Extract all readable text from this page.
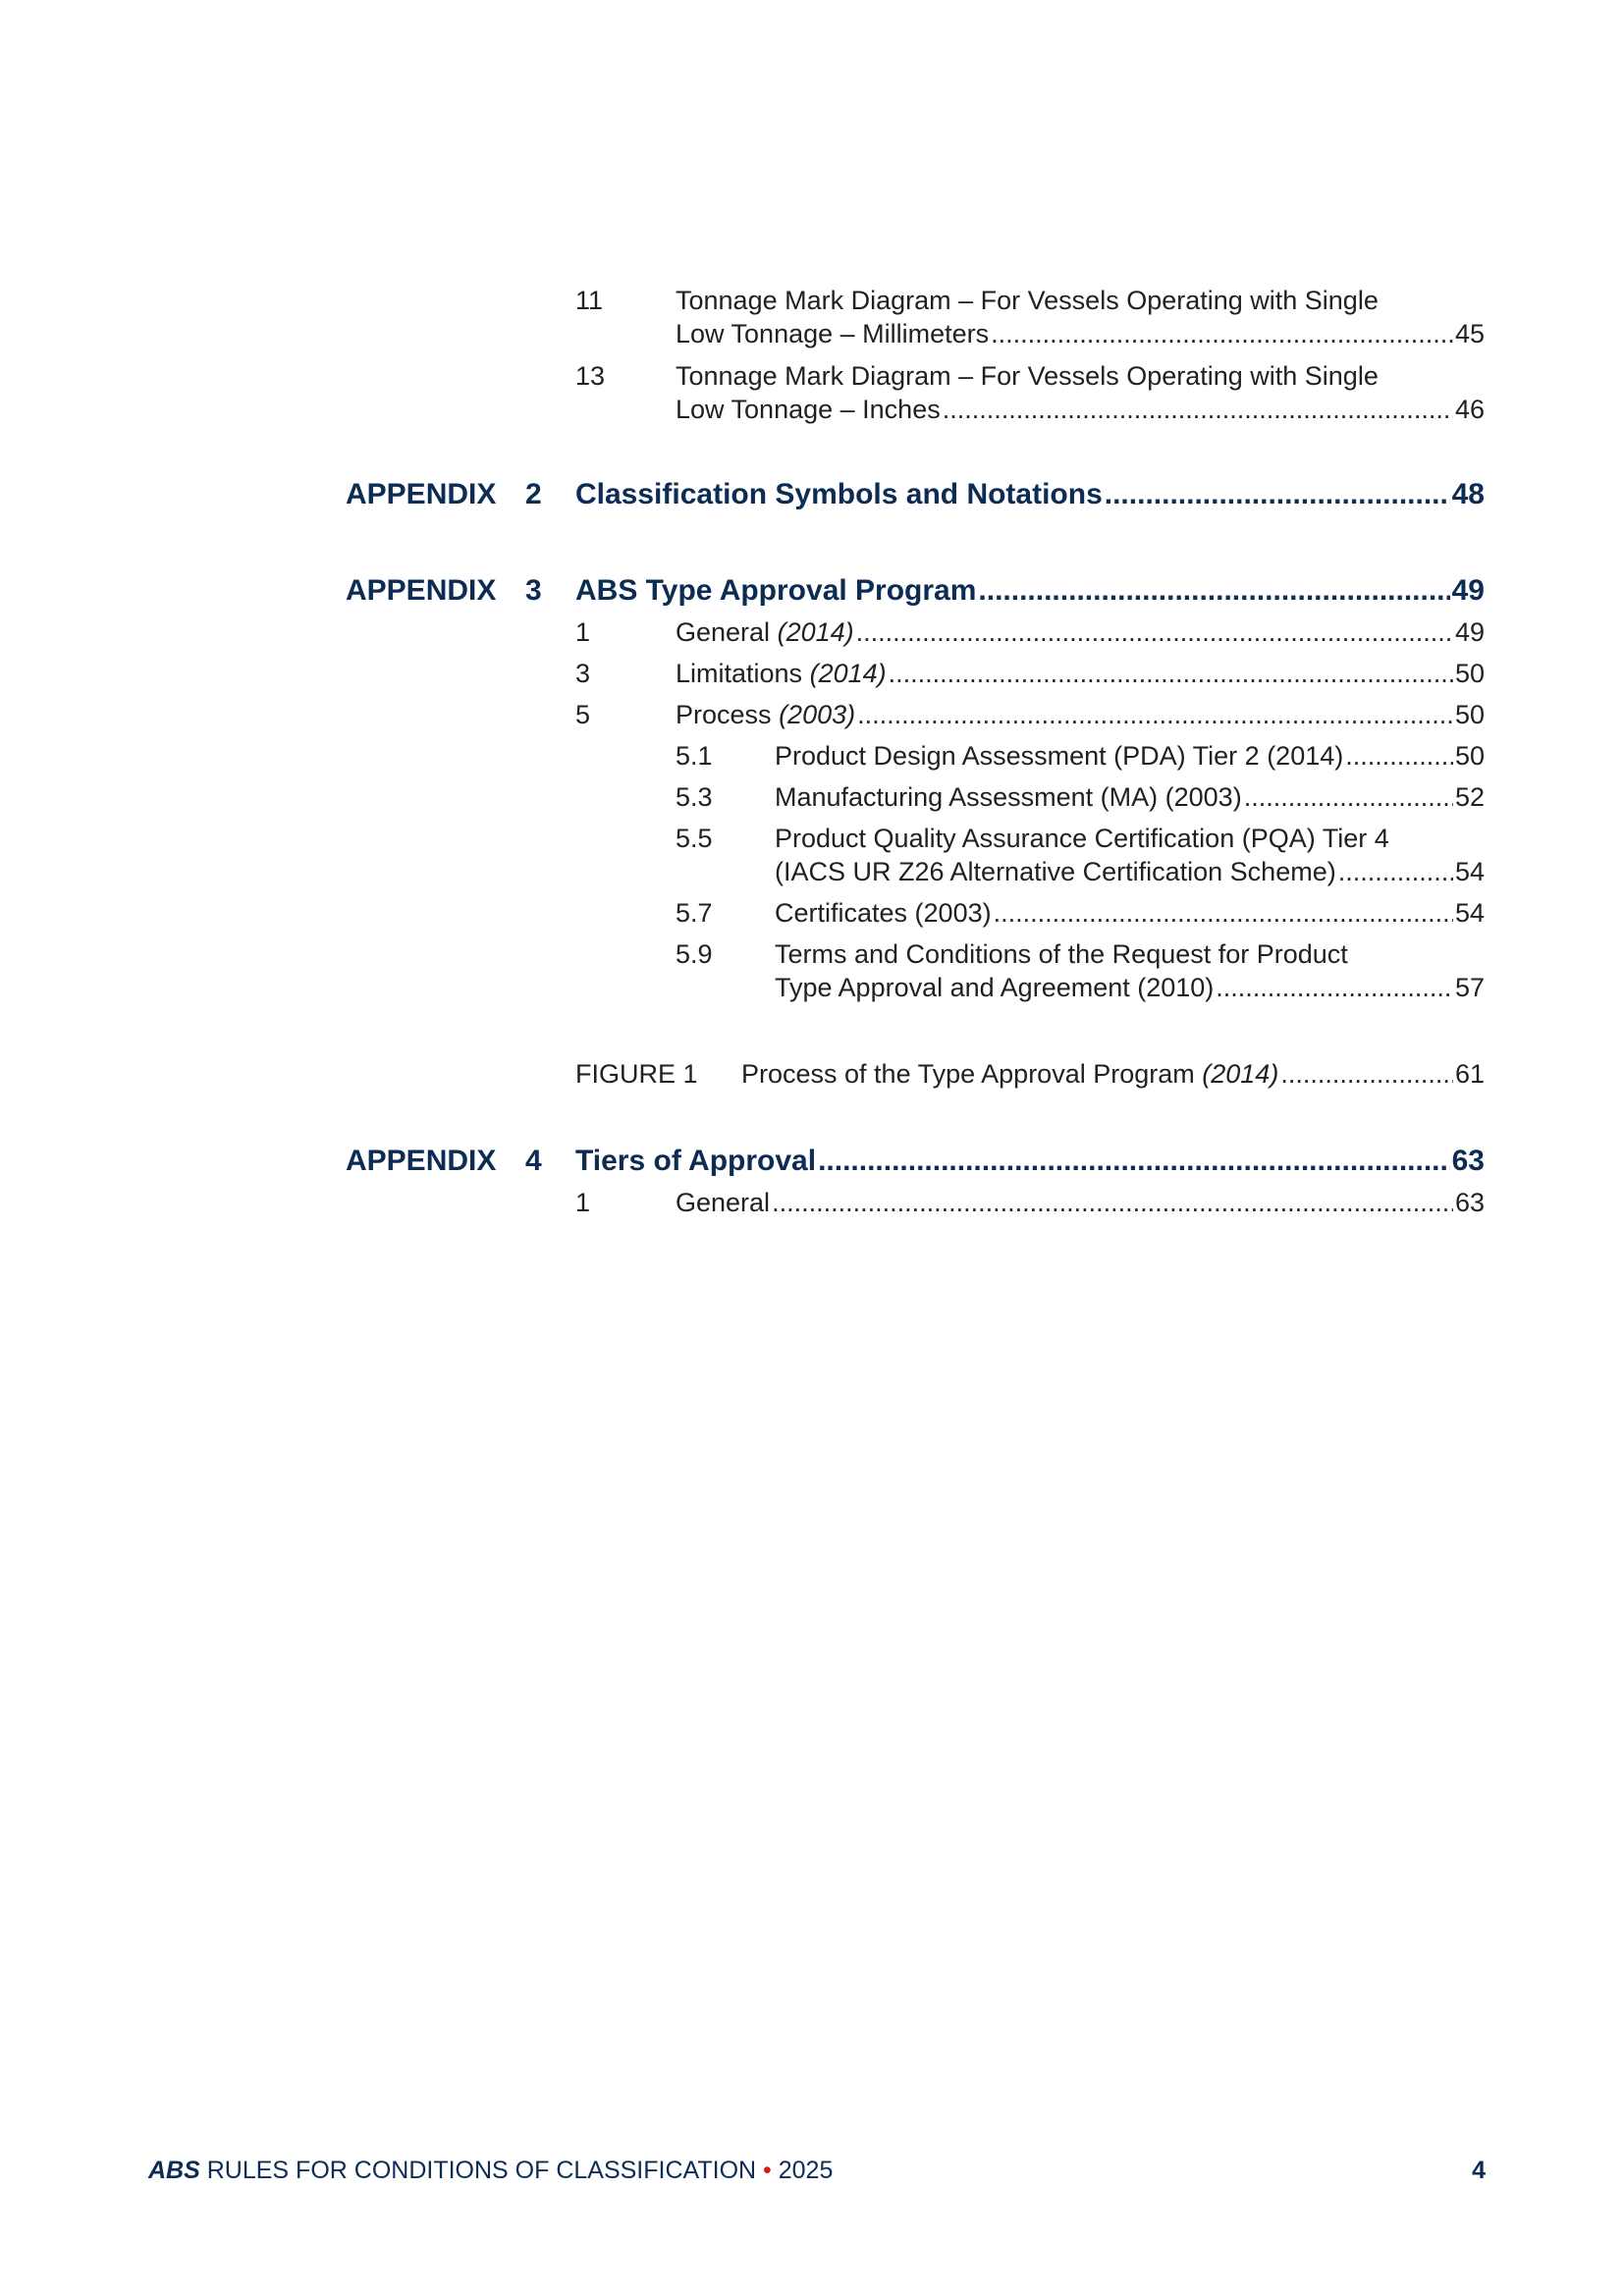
11	Tonnage Mark Diagram – For Vessels Operating with Single
Low Tonnage – Millimeters .....	45
13	Tonnage Mark Diagram – For Vessels Operating with Single
Low Tonnage – Inches .....	46
APPENDIX 2 Classification Symbols and Notations .....	48
APPENDIX 3 ABS Type Approval Program .....	49
1	General (2014) .....	49
3	Limitations (2014) .....	50
5	Process (2003) .....	50
5.1 Product Design Assessment (PDA) Tier 2 (2014) .....	50
5.3 Manufacturing Assessment (MA) (2003) .....	52
5.5 Product Quality Assurance Certification (PQA) Tier 4
(IACS UR Z26 Alternative Certification Scheme) .....	54
5.7 Certificates (2003) .....	54
5.9 Terms and Conditions of the Request for Product
Type Approval and Agreement (2010) .....	57
FIGURE 1 Process of the Type Approval Program (2014) .....	61
APPENDIX 4 Tiers of Approval .....	63
1	General .....	63
ABS RULES FOR CONDITIONS OF CLASSIFICATION • 2025	4
